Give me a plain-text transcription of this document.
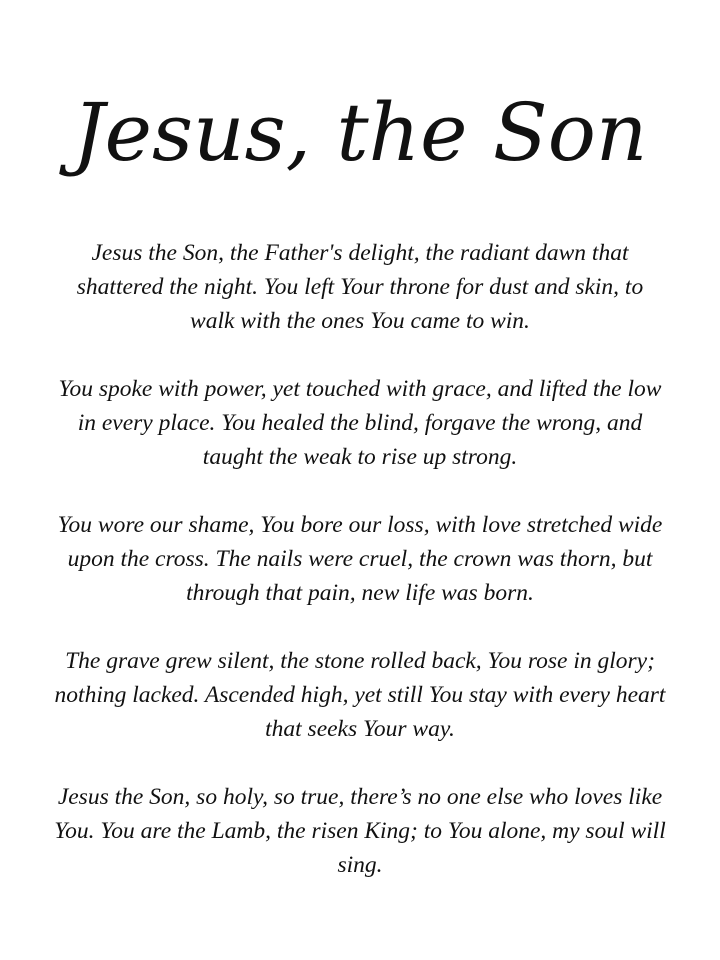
Jesus, the Son

Jesus the Son, the Father's delight, the radiant dawn that shattered the night. You left Your throne for dust and skin, to walk with the ones You came to win.

You spoke with power, yet touched with grace, and lifted the low in every place. You healed the blind, forgave the wrong, and taught the weak to rise up strong.

You wore our shame, You bore our loss, with love stretched wide upon the cross. The nails were cruel, the crown was thorn, but through that pain, new life was born.

The grave grew silent, the stone rolled back, You rose in glory; nothing lacked. Ascended high, yet still You stay with every heart that seeks Your way.

Jesus the Son, so holy, so true, there’s no one else who loves like You. You are the Lamb, the risen King; to You alone, my soul will sing.
